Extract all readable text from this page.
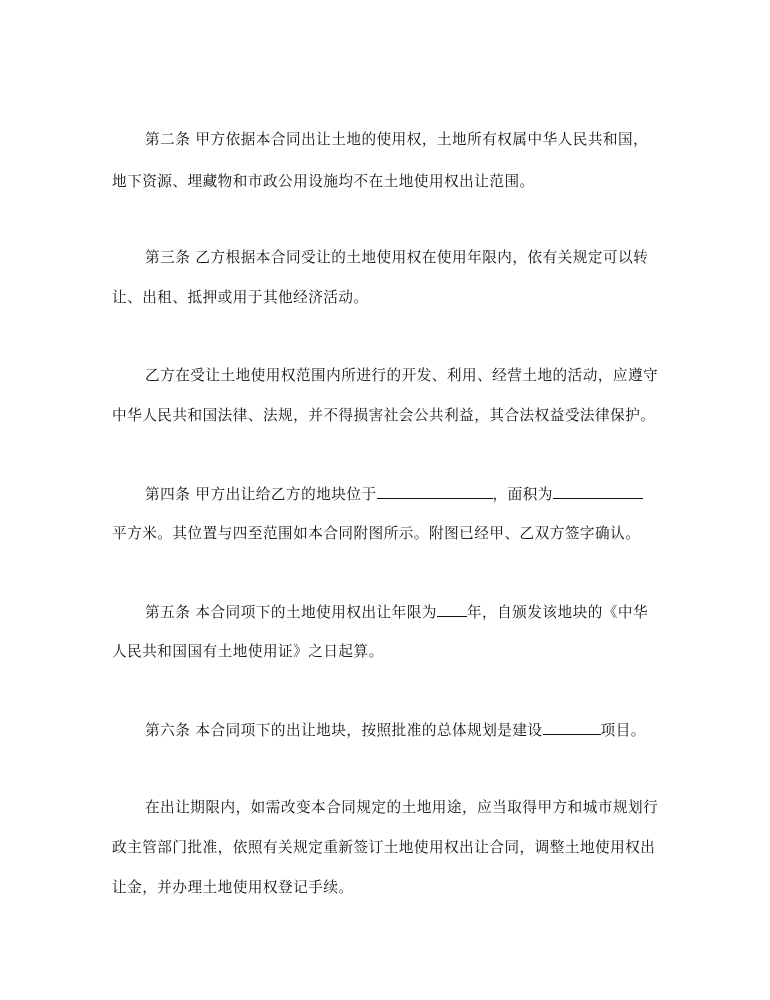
第二条 甲方依据本合同出让土地的使用权，土地所有权属中华人民共和国，
地下资源、埋藏物和市政公用设施均不在土地使用权出让范围。
第三条 乙方根据本合同受让的土地使用权在使用年限内，依有关规定可以转
让、出租、抵押或用于其他经济活动。
乙方在受让土地使用权范围内所进行的开发、利用、经营土地的活动，应遵守
中华人民共和国法律、法规，并不得损害社会公共利益，其合法权益受法律保护。
第四条 甲方出让给乙方的地块位于	，面积为
平方米。其位置与四至范围如本合同附图所示。附图已经甲、乙双方签字确认。
第五条 本合同项下的土地使用权出让年限为 年，自颁发该地块的《中华
人民共和国国有土地使用证》之日起算。
第六条 本合同项下的出让地块，按照批准的总体规划是建设	项目。
在出让期限内，如需改变本合同规定的土地用途，应当取得甲方和城市规划行
政主管部门批准，依照有关规定重新签订土地使用权出让合同，调整土地使用权出
让金，并办理土地使用权登记手续。
